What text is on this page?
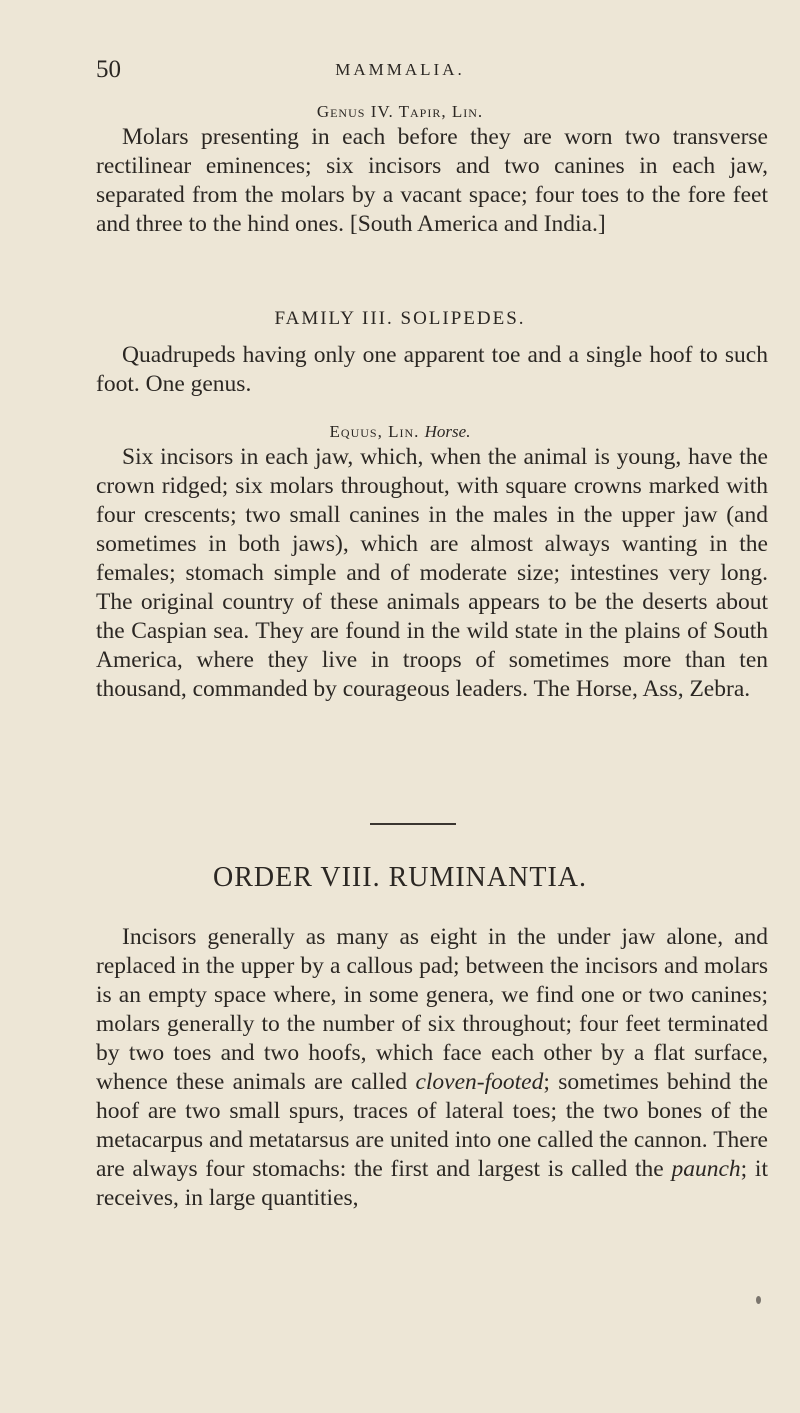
50	MAMMALIA.
Genus IV. Tapir, Lin.

Molars presenting in each before they are worn two transverse rectilinear eminences; six incisors and two canines in each jaw, separated from the molars by a vacant space; four toes to the fore feet and three to the hind ones. [South America and India.]

FAMILY III. SOLIPEDES.

Quadrupeds having only one apparent toe and a single hoof to such foot. One genus.

Equus, Lin. Horse.

Six incisors in each jaw, which, when the animal is young, have the crown ridged; six molars throughout, with square crowns marked with four crescents; two small canines in the males in the upper jaw (and sometimes in both jaws), which are almost always wanting in the females; stomach simple and of moderate size; intestines very long. The original country of these animals appears to be the deserts about the Caspian sea. They are found in the wild state in the plains of South America, where they live in troops of sometimes more than ten thousand, commanded by courageous leaders. The Horse, Ass, Zebra.

ORDER VIII. RUMINANTIA.

Incisors generally as many as eight in the under jaw alone, and replaced in the upper by a callous pad; between the incisors and molars is an empty space where, in some genera, we find one or two canines; molars generally to the number of six throughout; four feet terminated by two toes and two hoofs, which face each other by a flat surface, whence these animals are called cloven-footed; sometimes behind the hoof are two small spurs, traces of lateral toes; the two bones of the metacarpus and metatarsus are united into one called the cannon. There are always four stomachs: the first and largest is called the paunch; it receives, in large quantities,
